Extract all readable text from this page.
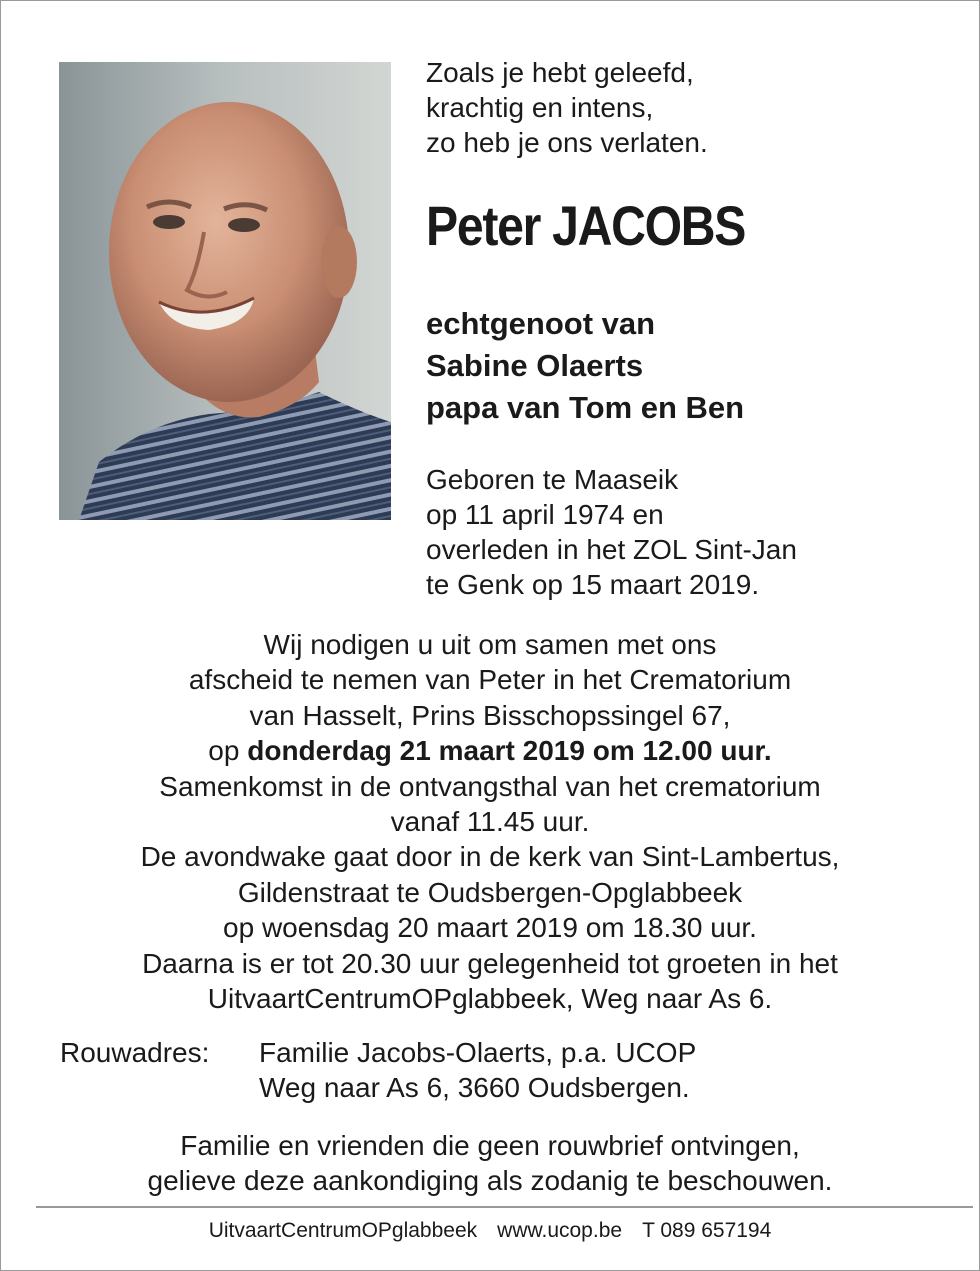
Zoals je hebt geleefd,
krachtig en intens,
zo heb je ons verlaten.
Peter JACOBS
echtgenoot van
Sabine Olaerts
papa van Tom en Ben
Geboren te Maaseik
op 11 april 1974 en
overleden in het ZOL Sint-Jan
te Genk op 15 maart 2019.
Wij nodigen u uit om samen met ons
afscheid te nemen van Peter in het Crematorium
van Hasselt, Prins Bisschopssingel 67,
op donderdag 21 maart 2019 om 12.00 uur.
Samenkomst in de ontvangsthal van het crematorium
vanaf 11.45 uur.
De avondwake gaat door in de kerk van Sint-Lambertus,
Gildenstraat te Oudsbergen-Opglabbeek
op woensdag 20 maart 2019 om 18.30 uur.
Daarna is er tot 20.30 uur gelegenheid tot groeten in het
UitvaartCentrumOPglabbeek, Weg naar As 6.
Rouwadres: Familie Jacobs-Olaerts, p.a. UCOP
Weg naar As 6, 3660 Oudsbergen.
Familie en vrienden die geen rouwbrief ontvingen,
gelieve deze aankondiging als zodanig te beschouwen.
UitvaartCentrumOPglabbeek www.ucop.be T 089 657194
